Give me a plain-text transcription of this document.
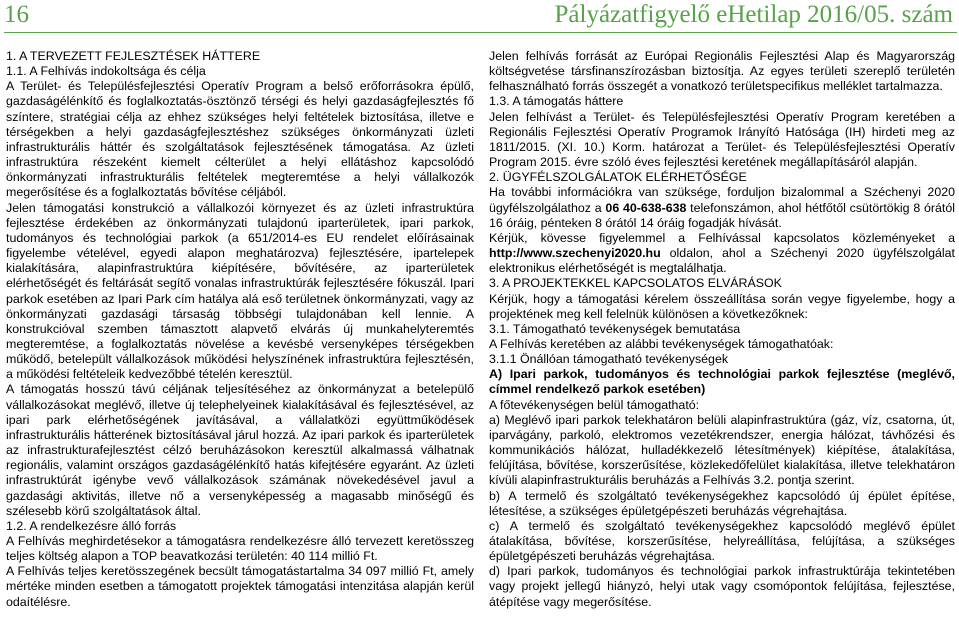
16	Pályázatfigyelő eHetilap 2016/05. szám

1. A TERVEZETT FEJLESZTÉSEK HÁTTERE

1.1. A Felhívás indokoltsága és célja

A Terület- és Településfejlesztési Operatív Program a belső erőforrásokra épülő, gazdaságélénkítő és foglalkoztatás-ösztönző térségi és helyi gazdaságfejlesztés fő színtere, stratégiai célja az ehhez szükséges helyi feltételek biztosítása, illetve e térségekben a helyi gazdaságfejlesztéshez szükséges önkormányzati üzleti infrastrukturális háttér és szolgáltatások fejlesztésének támogatása. Az üzleti infrastruktúra részeként kiemelt célterület a helyi ellátáshoz kapcsolódó önkormányzati infrastrukturális feltételek megteremtése a helyi vállalkozók megerősítése és a foglalkoztatás bővítése céljából.

Jelen támogatási konstrukció a vállalkozói környezet és az üzleti infrastruktúra fejlesztése érdekében az önkormányzati tulajdonú iparterületek, ipari parkok, tudományos és technológiai parkok (a 651/2014-es EU rendelet előírásainak figyelembe vételével, egyedi alapon meghatározva) fejlesztésére, ipartelepek kialakítására, alapinfrastruktúra kiépítésére, bővítésére, az iparterületek elérhetőségét és feltárását segítő vonalas infrastruktúrák fejlesztésére fókuszál. Ipari parkok esetében az Ipari Park cím hatálya alá eső területnek önkormányzati, vagy az önkormányzati gazdasági társaság többségi tulajdonában kell lennie. A konstrukcióval szemben támasztott alapvető elvárás új munkahelyteremtés megteremtése, a foglalkoztatás növelése a kevésbé versenyképes térségekben működő, betelepült vállalkozások működési helyszínének infrastruktúra fejlesztésén, a működési feltételeik kedvezőbbé tételén keresztül.

A támogatás hosszú távú céljának teljesítéséhez az önkormányzat a betelepülő vállalkozásokat meglévő, illetve új telephelyeinek kialakításával és fejlesztésével, az ipari park elérhetőségének javításával, a vállalatközi együttműködések infrastrukturális hátterének biztosításával járul hozzá. Az ipari parkok és iparterületek az infrastrukturafejlesztést célzó beruházásokon keresztül alkalmassá válhatnak regionális, valamint országos gazdaságélénkítő hatás kifejtésére egyaránt. Az üzleti infrastruktúrát igénybe vevő vállalkozások számának növekedésével javul a gazdasági aktivitás, illetve nő a versenyképesség a magasabb minőségű és szélesebb körű szolgáltatások által.

1.2. A rendelkezésre álló forrás

A Felhívás meghirdetésekor a támogatásra rendelkezésre álló tervezett keretösszeg teljes költség alapon a TOP beavatkozási területén: 40 114 millió Ft.

A Felhívás teljes keretösszegének becsült támogatástartalma 34 097 millió Ft, amely mértéke minden esetben a támogatott projektek támogatási intenzitása alapján kerül odaítélésre.

Jelen felhívás forrását az Európai Regionális Fejlesztési Alap és Magyarország költségvetése társfinanszírozásban biztosítja. Az egyes területi szereplő területén felhasználható forrás összegét a vonatkozó területspecifikus melléklet tartalmazza.

1.3. A támogatás háttere

Jelen felhívást a Terület- és Településfejlesztési Operatív Program keretében a Regionális Fejlesztési Operatív Programok Irányító Hatósága (IH) hirdeti meg az 1811/2015. (XI. 10.) Korm. határozat a Terület- és Településfejlesztési Operatív Program 2015. évre szóló éves fejlesztési keretének megállapításáról alapján.

2. ÜGYFÉLSZOLGÁLATOK ELÉRHETŐSÉGE

Ha további információkra van szüksége, forduljon bizalommal a Széchenyi 2020 ügyfélszolgálathoz a 06 40-638-638 telefonszámon, ahol hétfőtől csütörtökig 8 órától 16 óráig, pénteken 8 órától 14 óráig fogadják hívását.

Kérjük, kövesse figyelemmel a Felhívással kapcsolatos közleményeket a http://www.szechenyi2020.hu oldalon, ahol a Széchenyi 2020 ügyfélszolgálat elektronikus elérhetőségét is megtalálhatja.

3. A PROJEKTEKKEL KAPCSOLATOS ELVÁRÁSOK

Kérjük, hogy a támogatási kérelem összeállítása során vegye figyelembe, hogy a projektének meg kell felelnük különösen a következőknek:

3.1. Támogatható tevékenységek bemutatása

A Felhívás keretében az alábbi tevékenységek támogathatóak:

3.1.1 Önállóan támogatható tevékenységek

A) Ipari parkok, tudományos és technológiai parkok fejlesztése (meglévő, címmel rendelkező parkok esetében)

A főtevékenységen belül támogatható:

a) Meglévő ipari parkok telekhatáron belüli alapinfrastruktúra (gáz, víz, csatorna, út, iparvágány, parkoló, elektromos vezetékrendszer, energia hálózat, távhőzési és kommunikációs hálózat, hulladékkezelő létesítmények) kiépítése, átalakítása, felújítása, bővítése, korszerűsítése, közlekedőfelület kialakítása, illetve telekhatáron kívüli alapinfrastrukturális beruházás a Felhívás 3.2. pontja szerint.

b) A termelő és szolgáltató tevékenységekhez kapcsolódó új épület építése, létesítése, a szükséges épületgépészeti beruházás végrehajtása.

c) A termelő és szolgáltató tevékenységekhez kapcsolódó meglévő épület átalakítása, bővítése, korszerűsítése, helyreállítása, felújítása, a szükséges épületgépészeti beruházás végrehajtása.

d) Ipari parkok, tudományos és technológiai parkok infrastruktúrája tekintetében vagy projekt jellegű hiányzó, helyi utak vagy csomópontok felújítása, fejlesztése, átépítése vagy megerősítése.
